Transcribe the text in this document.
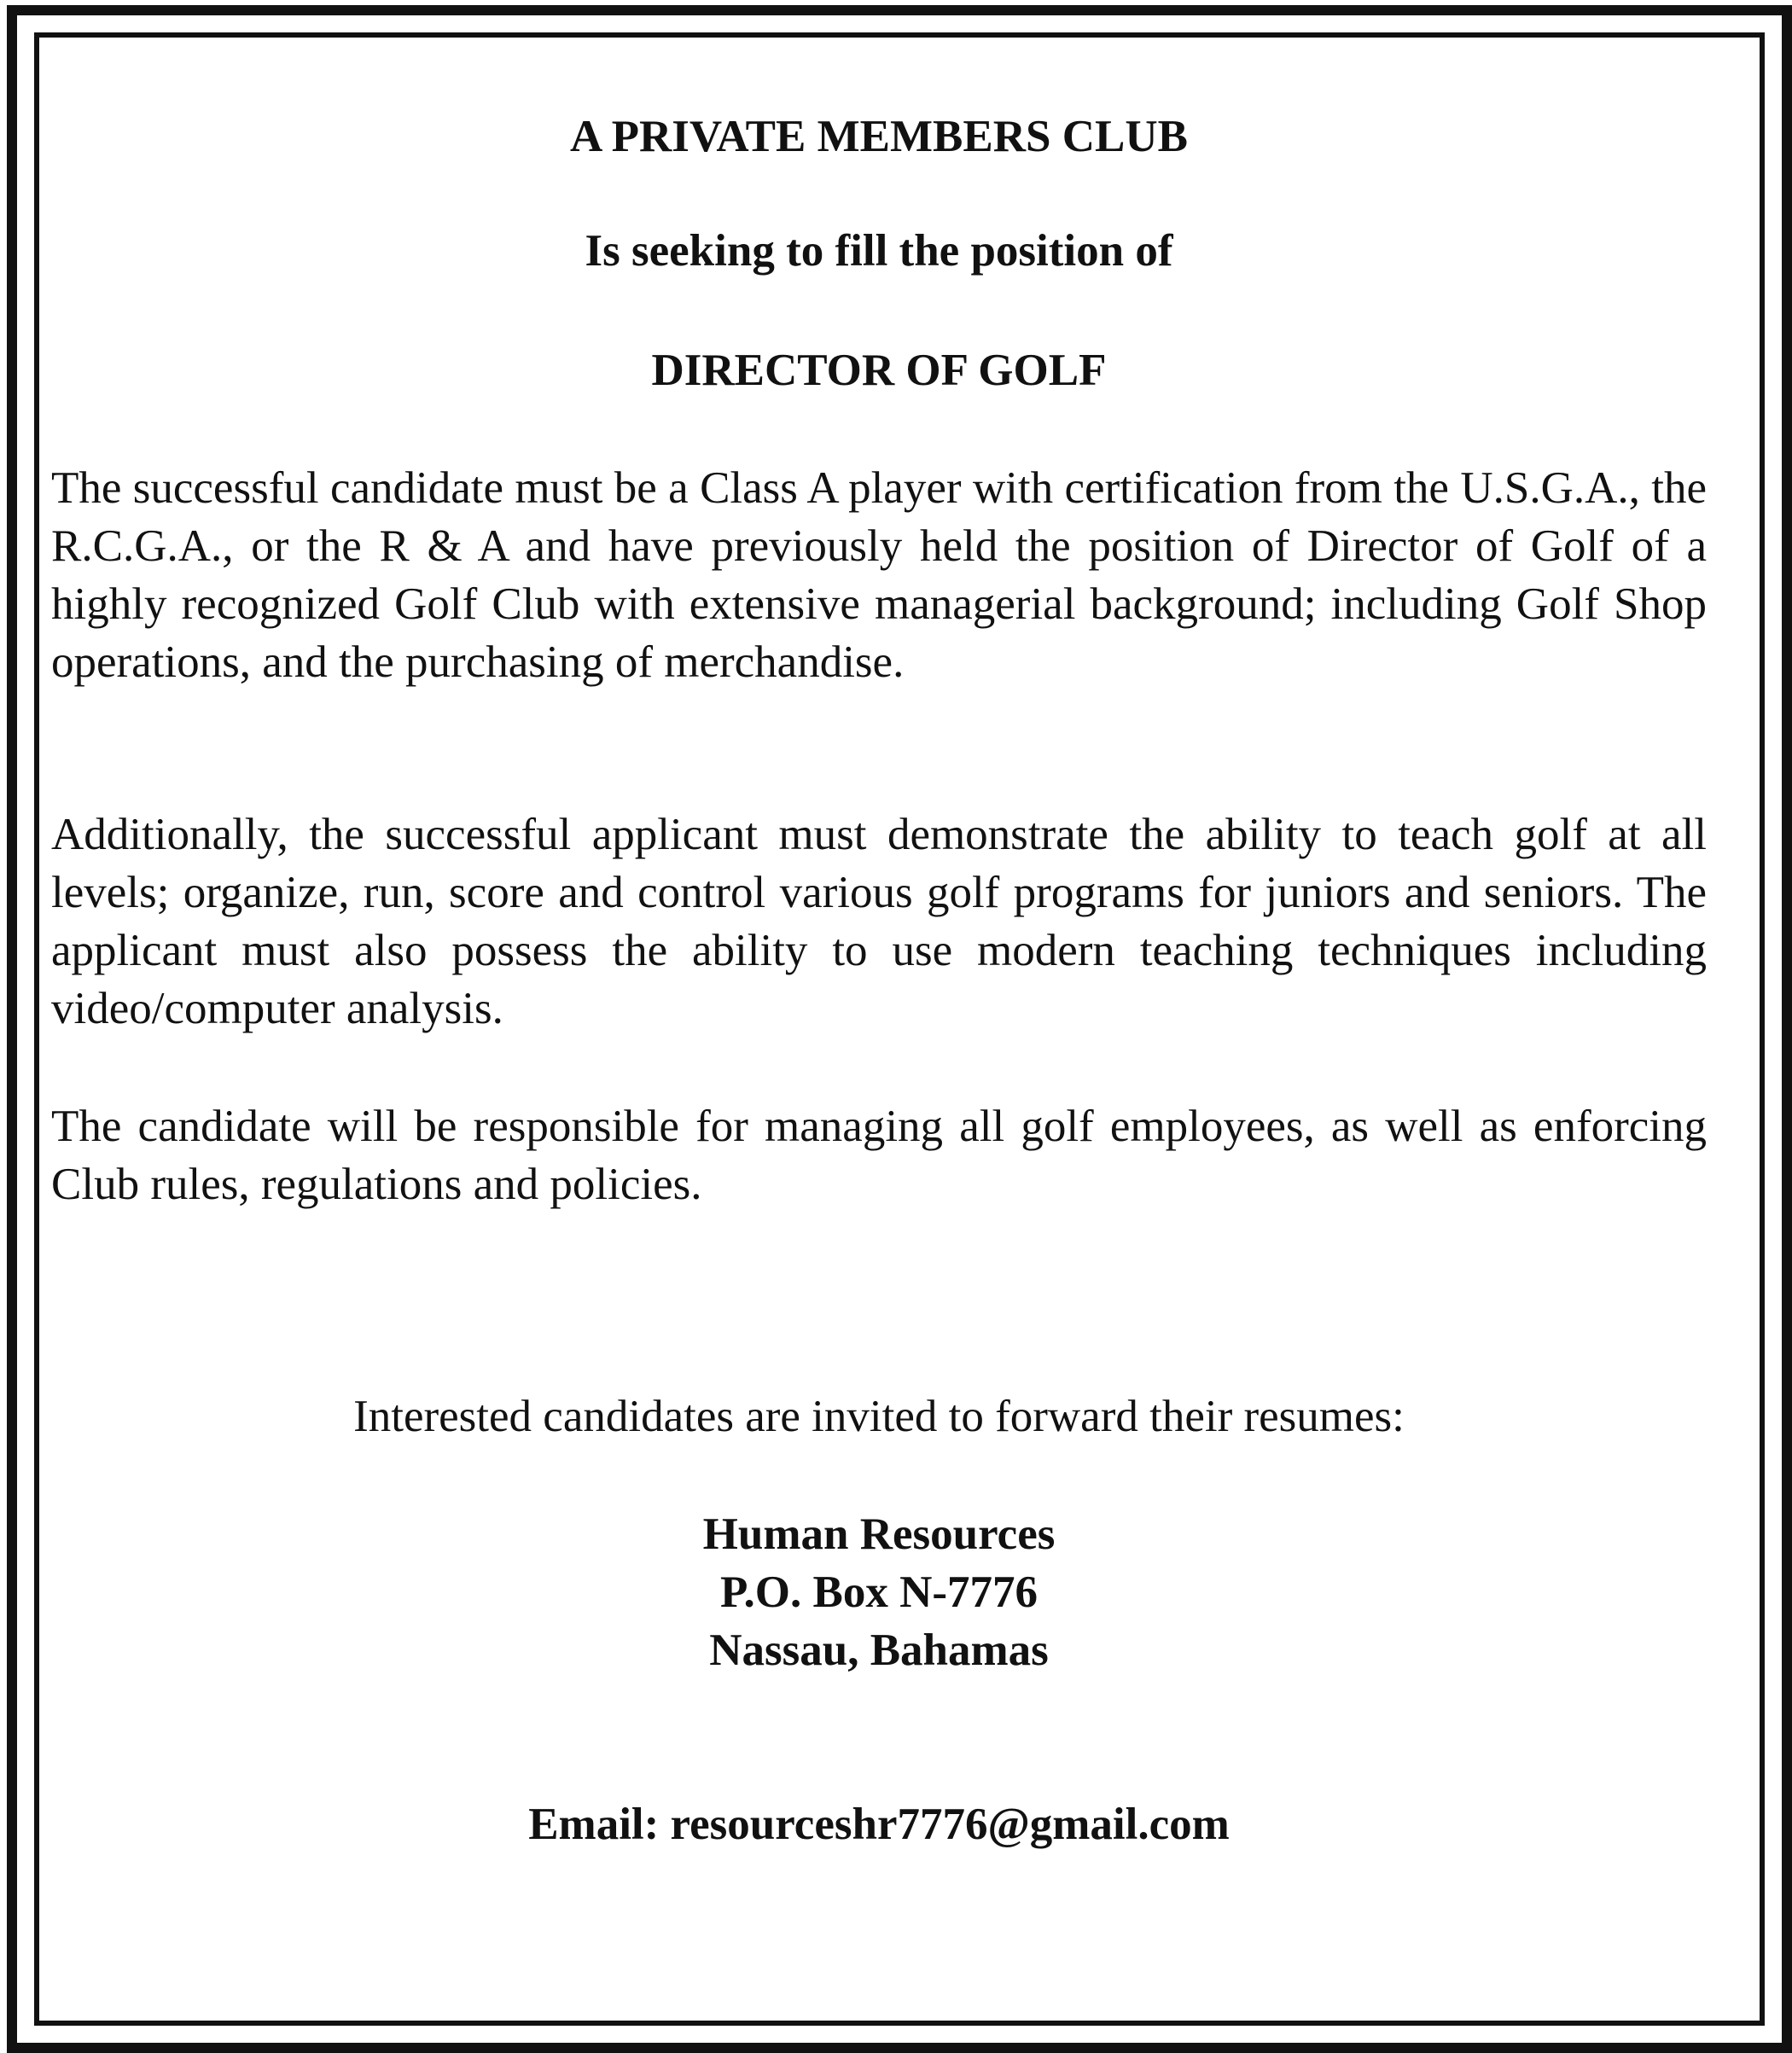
A PRIVATE MEMBERS CLUB
Is seeking to fill the position of
DIRECTOR OF GOLF

The successful candidate must be a Class A player with certification from the U.S.G.A., the R.C.G.A., or the R & A and have previously held the position of Director of Golf of a highly recognized Golf Club with extensive managerial background; including Golf Shop operations, and the purchasing of merchandise.

Additionally, the successful applicant must demonstrate the ability to teach golf at all levels; organize, run, score and control various golf programs for juniors and seniors. The applicant must also possess the ability to use modern teaching techniques including video/computer analysis.

The candidate will be responsible for managing all golf employees, as well as enforcing Club rules, regulations and policies.

Interested candidates are invited to forward their resumes:

Human Resources
P.O. Box N-7776
Nassau, Bahamas

Email: resourceshr7776@gmail.com
